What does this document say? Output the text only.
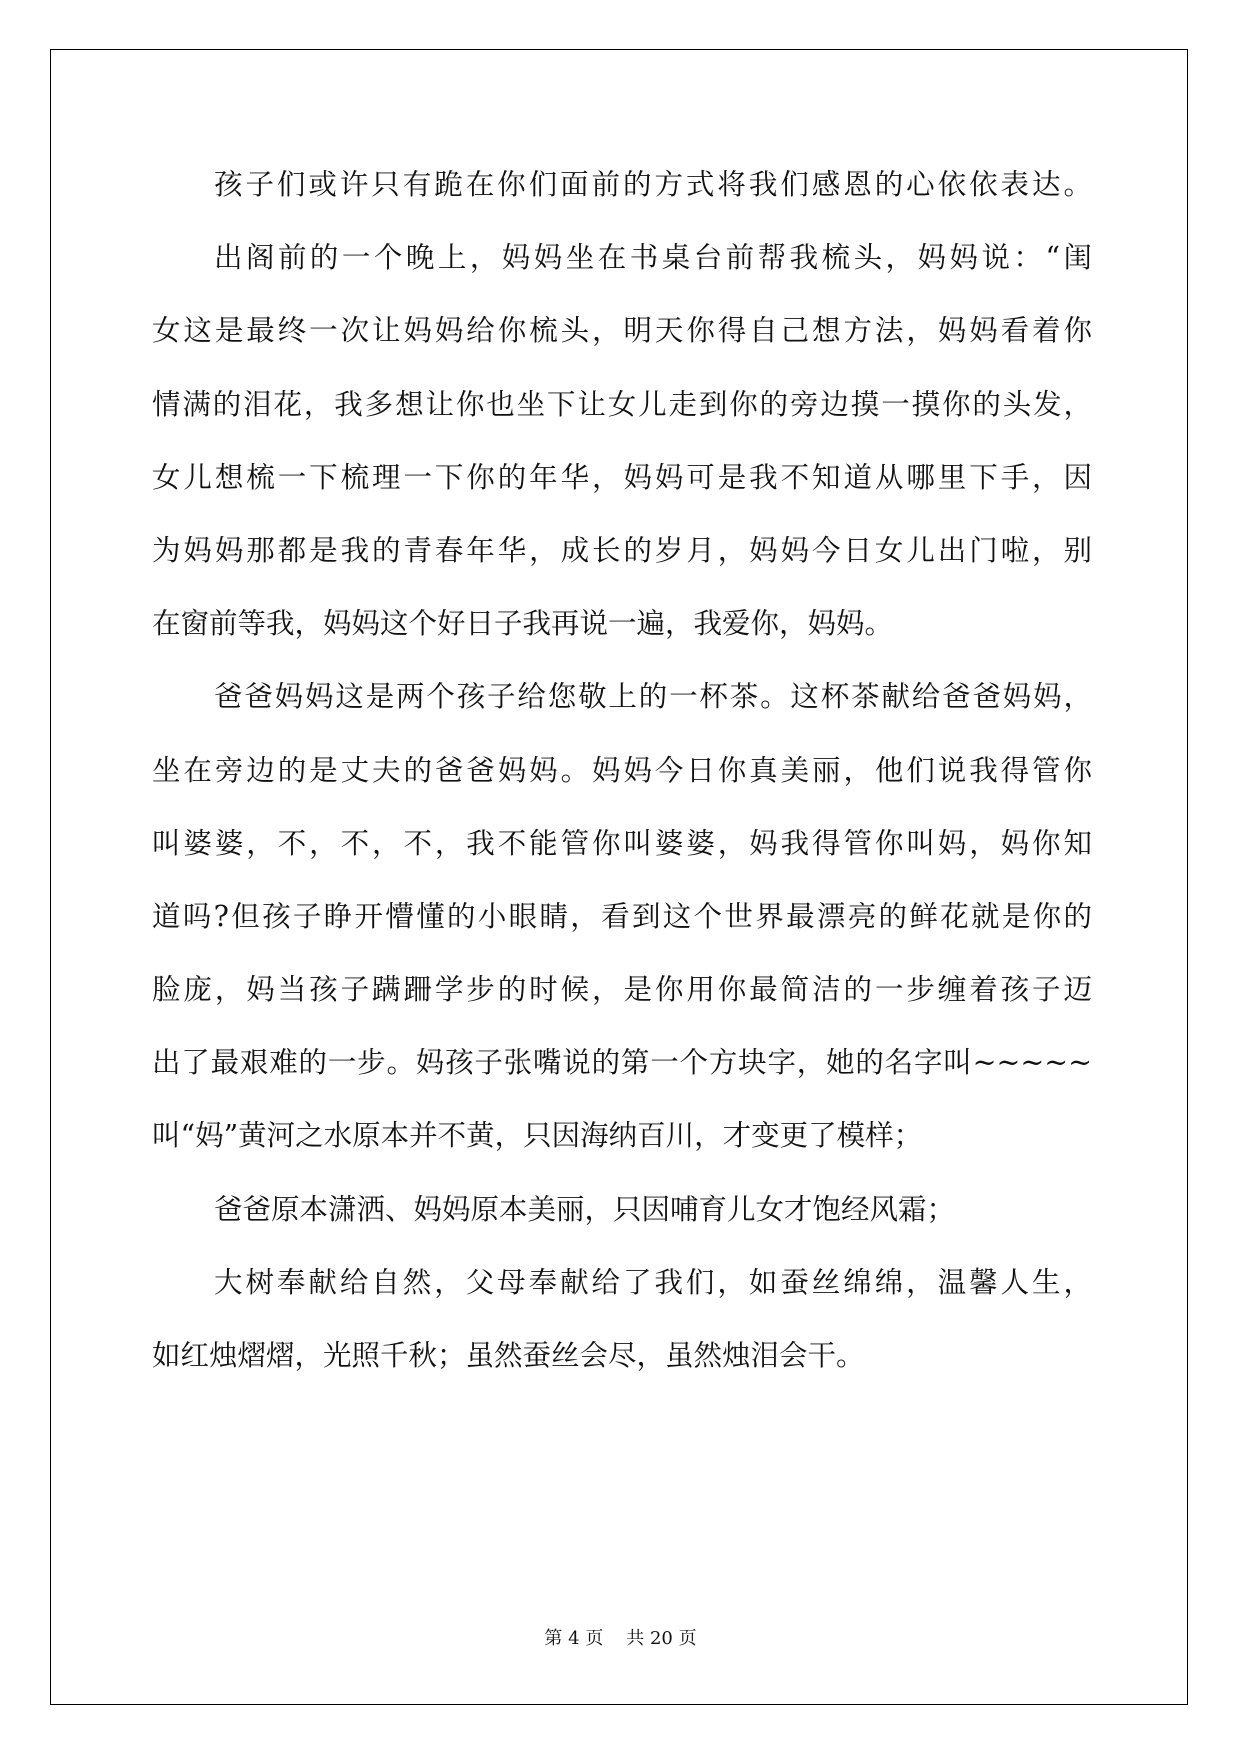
孩子们或许只有跪在你们面前的方式将我们感恩的心依依表达。
出阁前的一个晚上，妈妈坐在书桌台前帮我梳头，妈妈说：“闺
女这是最终一次让妈妈给你梳头，明天你得自己想方法，妈妈看着你
情满的泪花，我多想让你也坐下让女儿走到你的旁边摸一摸你的头发，
女儿想梳一下梳理一下你的年华，妈妈可是我不知道从哪里下手，因
为妈妈那都是我的青春年华，成长的岁月，妈妈今日女儿出门啦，别
在窗前等我，妈妈这个好日子我再说一遍，我爱你，妈妈。
爸爸妈妈这是两个孩子给您敬上的一杯茶。这杯茶献给爸爸妈妈，
坐在旁边的是丈夫的爸爸妈妈。妈妈今日你真美丽，他们说我得管你
叫婆婆，不，不，不，我不能管你叫婆婆，妈我得管你叫妈，妈你知
道吗?但孩子睁开懵懂的小眼睛，看到这个世界最漂亮的鲜花就是你的
脸庞，妈当孩子蹒跚学步的时候，是你用你最简洁的一步缠着孩子迈
出了最艰难的一步。妈孩子张嘴说的第一个方块字，她的名字叫~~~~~
叫“妈”黄河之水原本并不黄，只因海纳百川，才变更了模样；
爸爸原本潇洒、妈妈原本美丽，只因哺育儿女才饱经风霜；
大树奉献给自然，父母奉献给了我们，如蚕丝绵绵，温馨人生，
如红烛熠熠，光照千秋；虽然蚕丝会尽，虽然烛泪会干。
第 4 页 共 20 页
